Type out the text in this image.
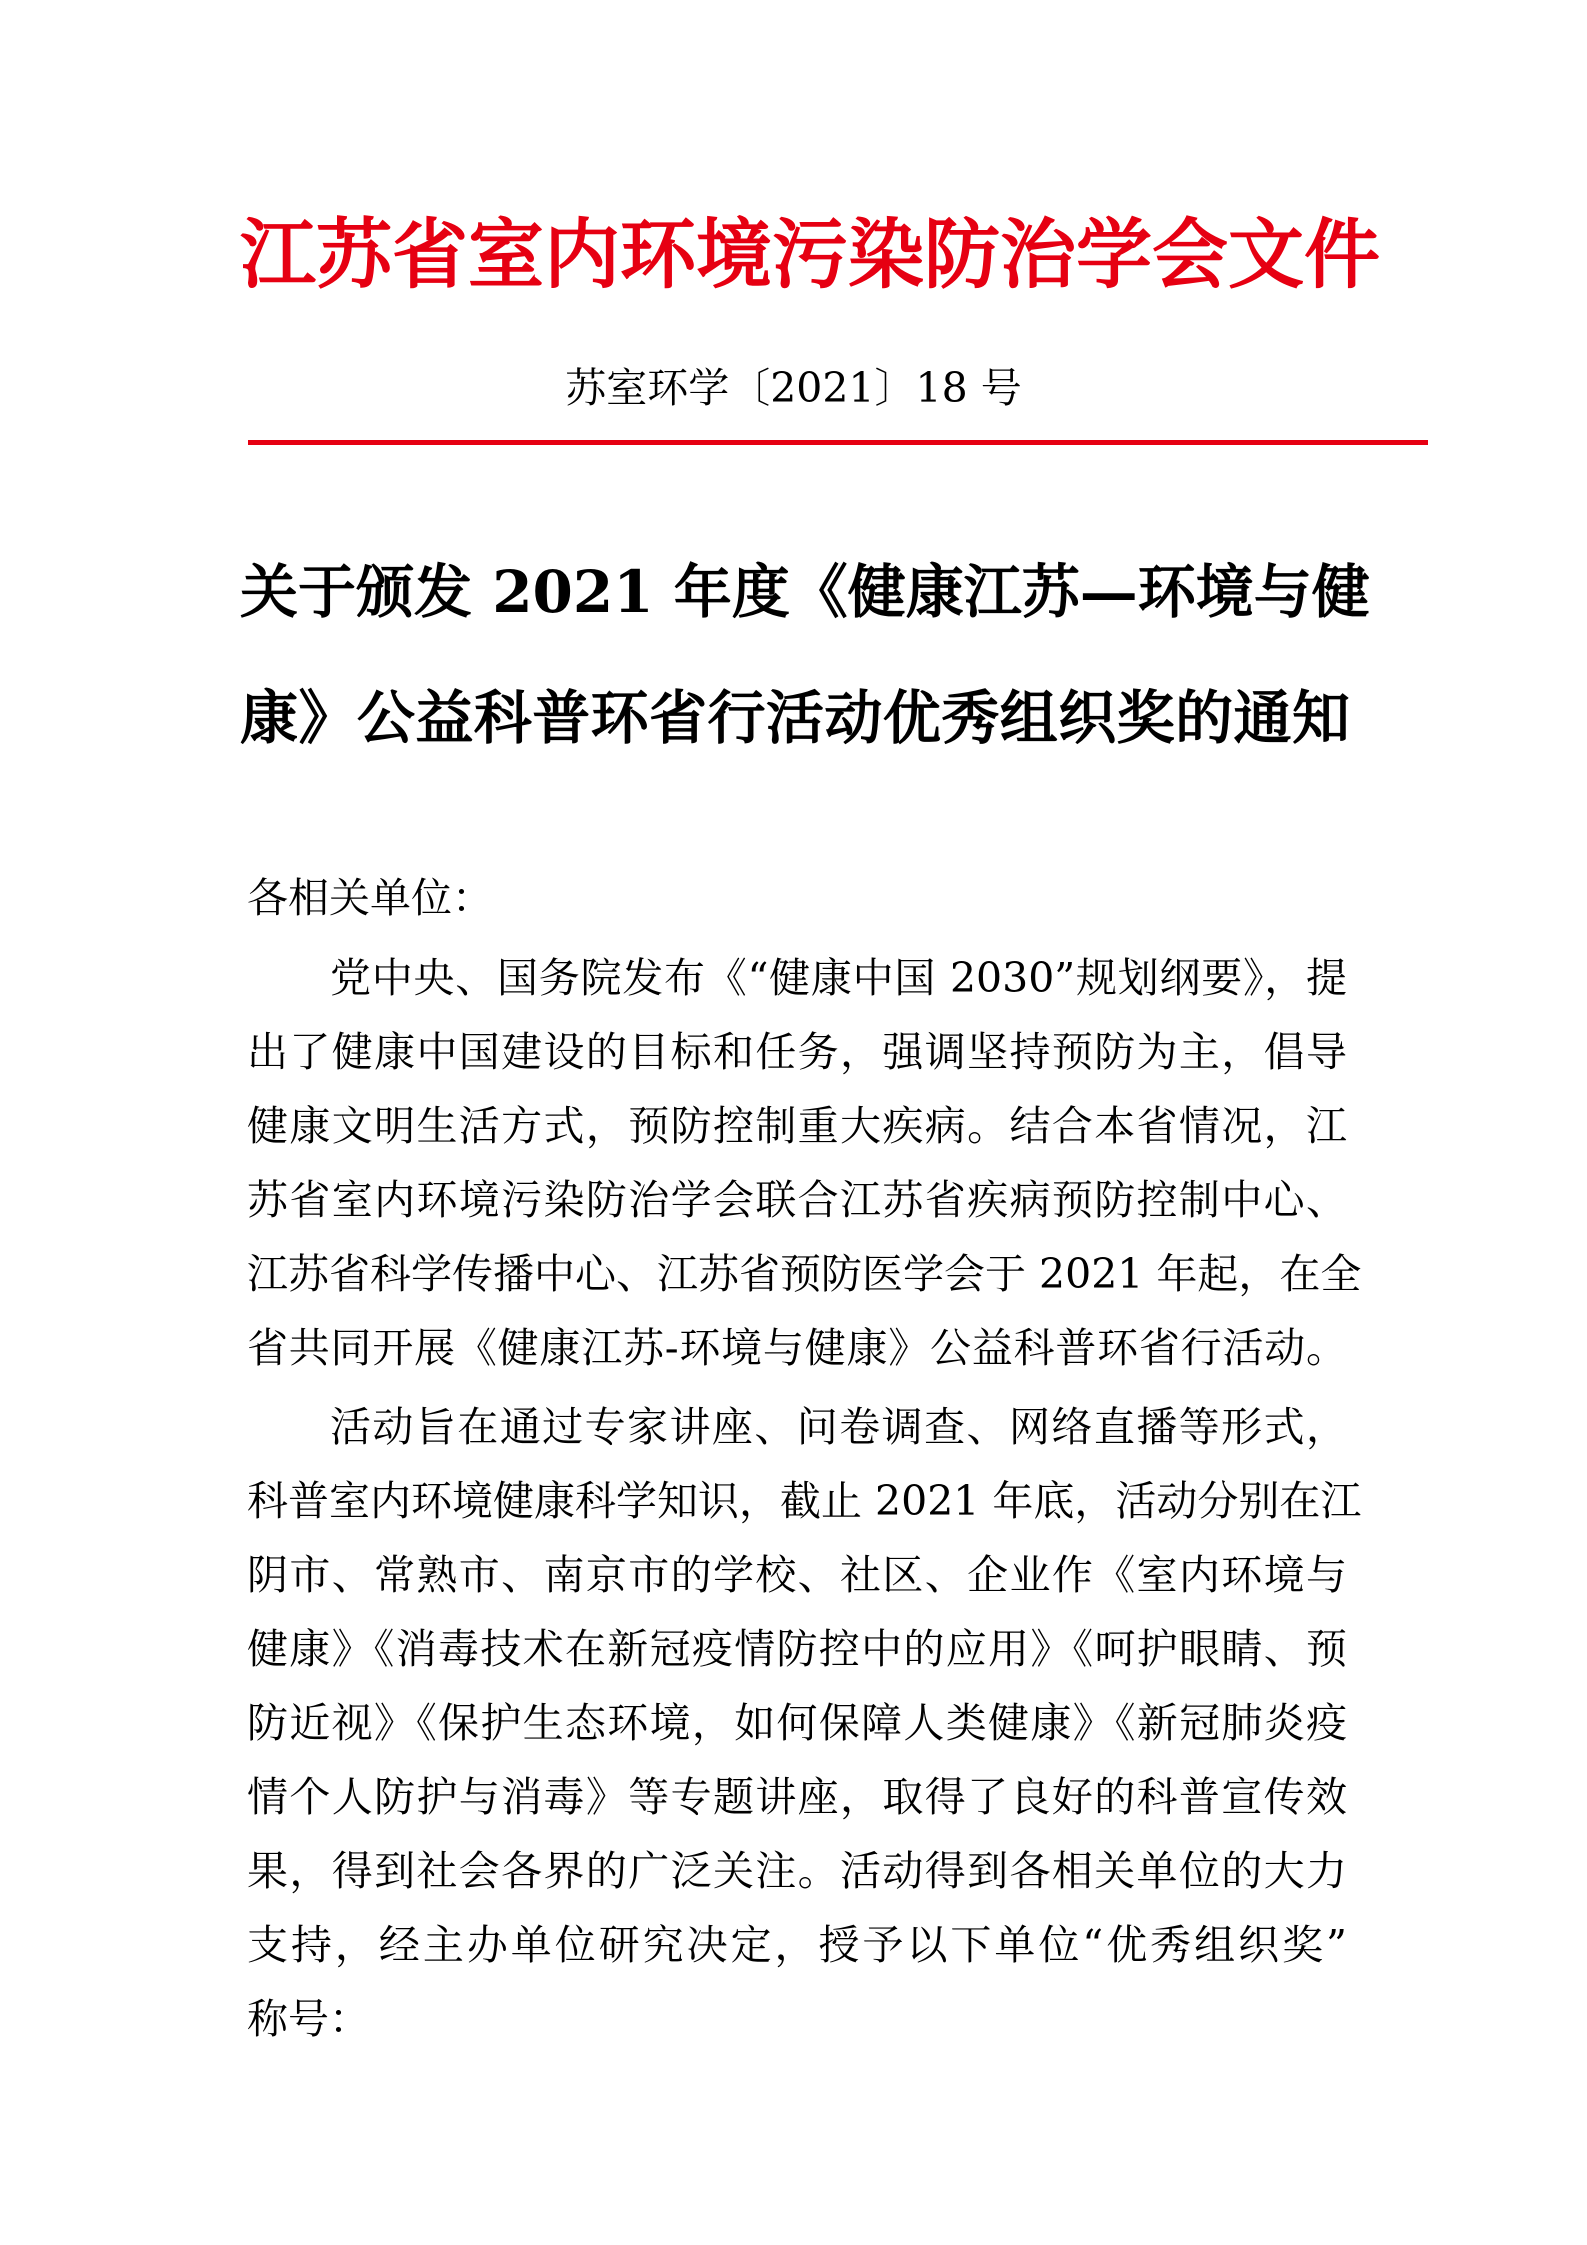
江苏省室内环境污染防治学会文件

苏室环学〔2021〕18 号

关于颁发 2021 年度《健康江苏—环境与健
康》公益科普环省行活动优秀组织奖的通知

各相关单位：

党中央、国务院发布《“健康中国 2030”规划纲要》，提

出了健康中国建设的目标和任务，强调坚持预防为主，倡导

健康文明生活方式，预防控制重大疾病。结合本省情况，江

苏省室内环境污染防治学会联合江苏省疾病预防控制中心、

江苏省科学传播中心、江苏省预防医学会于 2021 年起，在全

省共同开展《健康江苏-环境与健康》公益科普环省行活动。

活动旨在通过专家讲座、问卷调查、网络直播等形式，

科普室内环境健康科学知识，截止 2021 年底，活动分别在江

阴市、常熟市、南京市的学校、社区、企业作《室内环境与

健康》《消毒技术在新冠疫情防控中的应用》《呵护眼睛、预

防近视》《保护生态环境，如何保障人类健康》《新冠肺炎疫

情个人防护与消毒》等专题讲座，取得了良好的科普宣传效

果，得到社会各界的广泛关注。活动得到各相关单位的大力

支持，经主办单位研究决定，授予以下单位“优秀组织奖”

称号：
